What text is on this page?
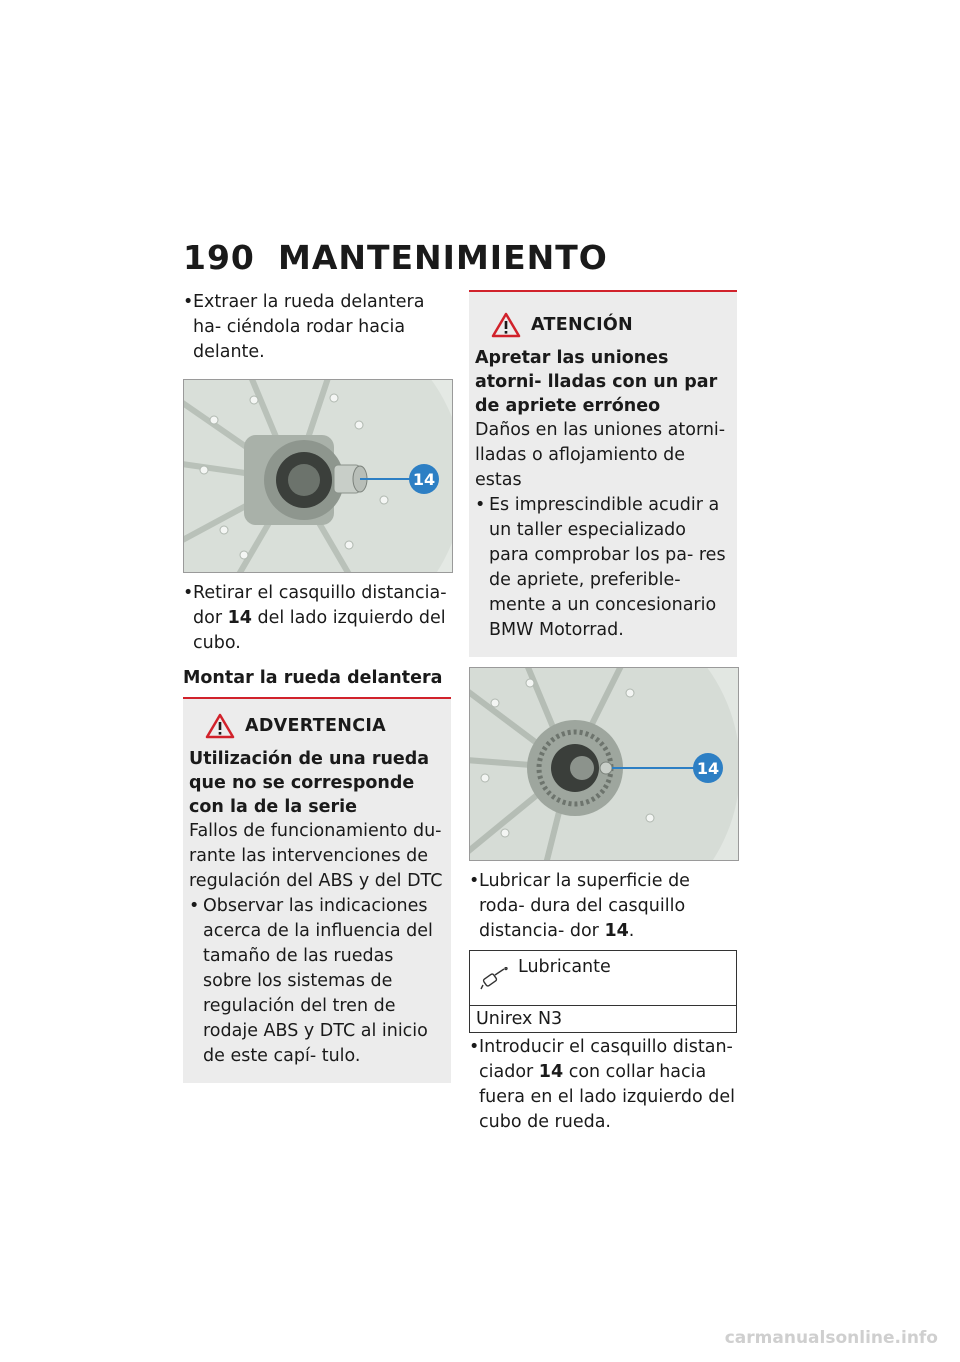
190 MANTENIMIENTO

• Extraer la rueda delantera ha- ciéndola rodar hacia delante.

14

• Retirar el casquillo distancia- dor 14 del lado izquierdo del cubo.

Montar la rueda delantera
ADVERTENCIA
Utilización de una rueda que no se corresponde con la de la serie
Fallos de funcionamiento du- rante las intervenciones de regulación del ABS y del DTC
• Observar las indicaciones acerca de la influencia del tamaño de las ruedas sobre los sistemas de regulación del tren de rodaje ABS y DTC al inicio de este capí- tulo.
ATENCIÓN
Apretar las uniones atorni- lladas con un par de apriete erróneo
Daños en las uniones atorni- lladas o aflojamiento de estas
• Es imprescindible acudir a un taller especializado para comprobar los pa- res de apriete, preferible- mente a un concesionario BMW Motorrad.
14

• Lubricar la superficie de roda- dura del casquillo distancia- dor 14.

Lubricante
Unirex N3

• Introducir el casquillo distan- ciador 14 con collar hacia fuera en el lado izquierdo del cubo de rueda.

carmanualsonline.info
